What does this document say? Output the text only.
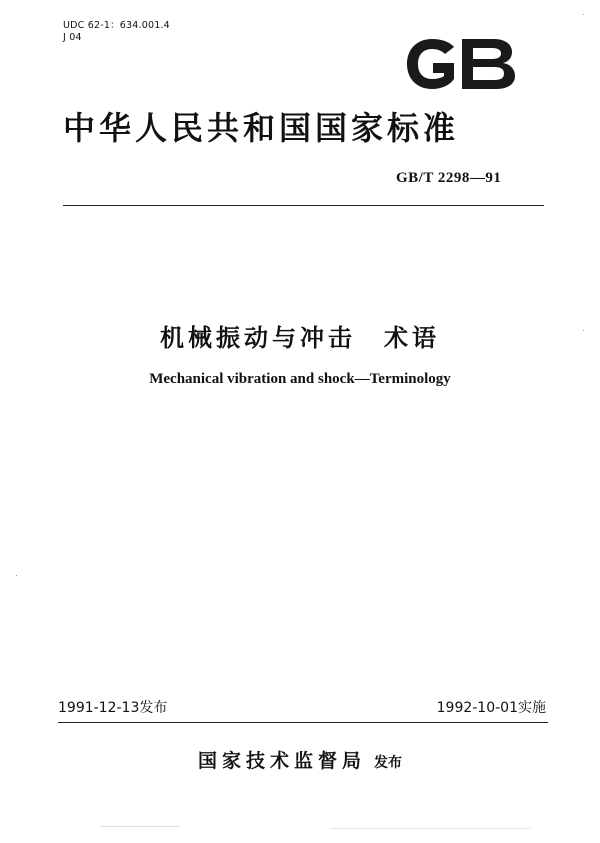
UDC 62-1：634.001.4
J 04
中华人民共和国国家标准
GB/T 2298—91
机械振动与冲击 术语
Mechanical vibration and shock—Terminology
1991-12-13发布	1992-10-01实施
国家技术监督局 发布
